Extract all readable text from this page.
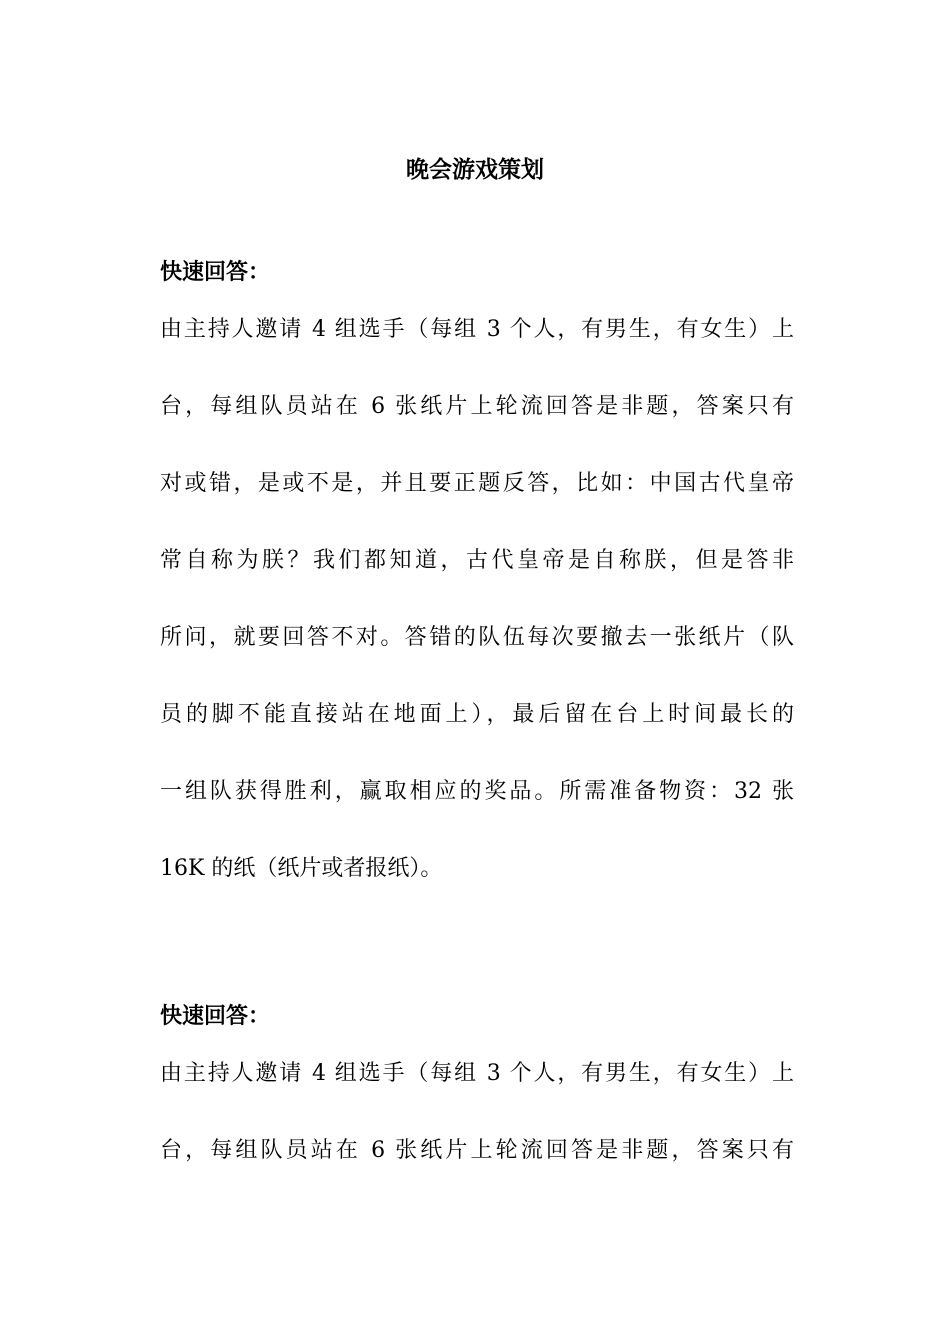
晚会游戏策划
快速回答：
由主持人邀请 4 组选手（每组 3 个人，有男生，有女生）上
台，每组队员站在 6 张纸片上轮流回答是非题，答案只有
对或错，是或不是，并且要正题反答，比如：中国古代皇帝
常自称为朕？我们都知道，古代皇帝是自称朕，但是答非
所问，就要回答不对。答错的队伍每次要撤去一张纸片（队
员的脚不能直接站在地面上），最后留在台上时间最长的
一组队获得胜利，赢取相应的奖品。所需准备物资：32 张
16K 的纸（纸片或者报纸）。
快速回答：
由主持人邀请 4 组选手（每组 3 个人，有男生，有女生）上
台，每组队员站在 6 张纸片上轮流回答是非题，答案只有
